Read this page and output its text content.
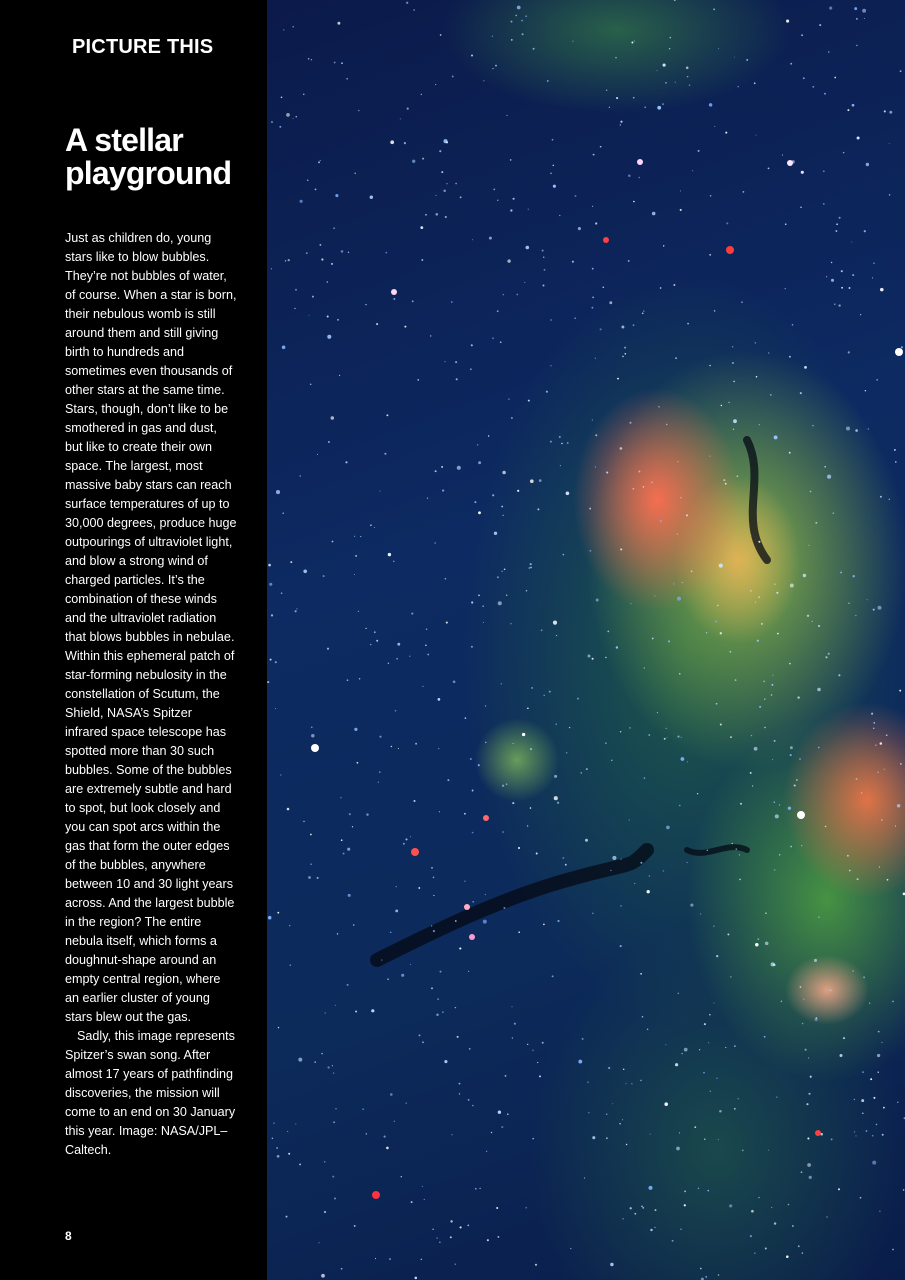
PICTURE THIS
A stellar playground

Just as children do, young stars like to blow bubbles. They’re not bubbles of water, of course. When a star is born, their nebulous womb is still around them and still giving birth to hundreds and sometimes even thousands of other stars at the same time. Stars, though, don’t like to be smothered in gas and dust, but like to create their own space. The largest, most massive baby stars can reach surface temperatures of up to 30,000 degrees, produce huge outpourings of ultraviolet light, and blow a strong wind of charged particles. It’s the combination of these winds and the ultraviolet radiation that blows bubbles in nebulae. Within this ephemeral patch of star-forming nebulosity in the constellation of Scutum, the Shield, NASA’s Spitzer infrared space telescope has spotted more than 30 such bubbles. Some of the bubbles are extremely subtle and hard to spot, but look closely and you can spot arcs within the gas that form the outer edges of the bubbles, anywhere between 10 and 30 light years across. And the largest bubble in the region? The entire nebula itself, which forms a doughnut-shape around an empty central region, where an earlier cluster of young stars blew out the gas.

Sadly, this image represents Spitzer’s swan song. After almost 17 years of pathfinding discoveries, the mission will come to an end on 30 January this year. Image: NASA/JPL–Caltech.

8
